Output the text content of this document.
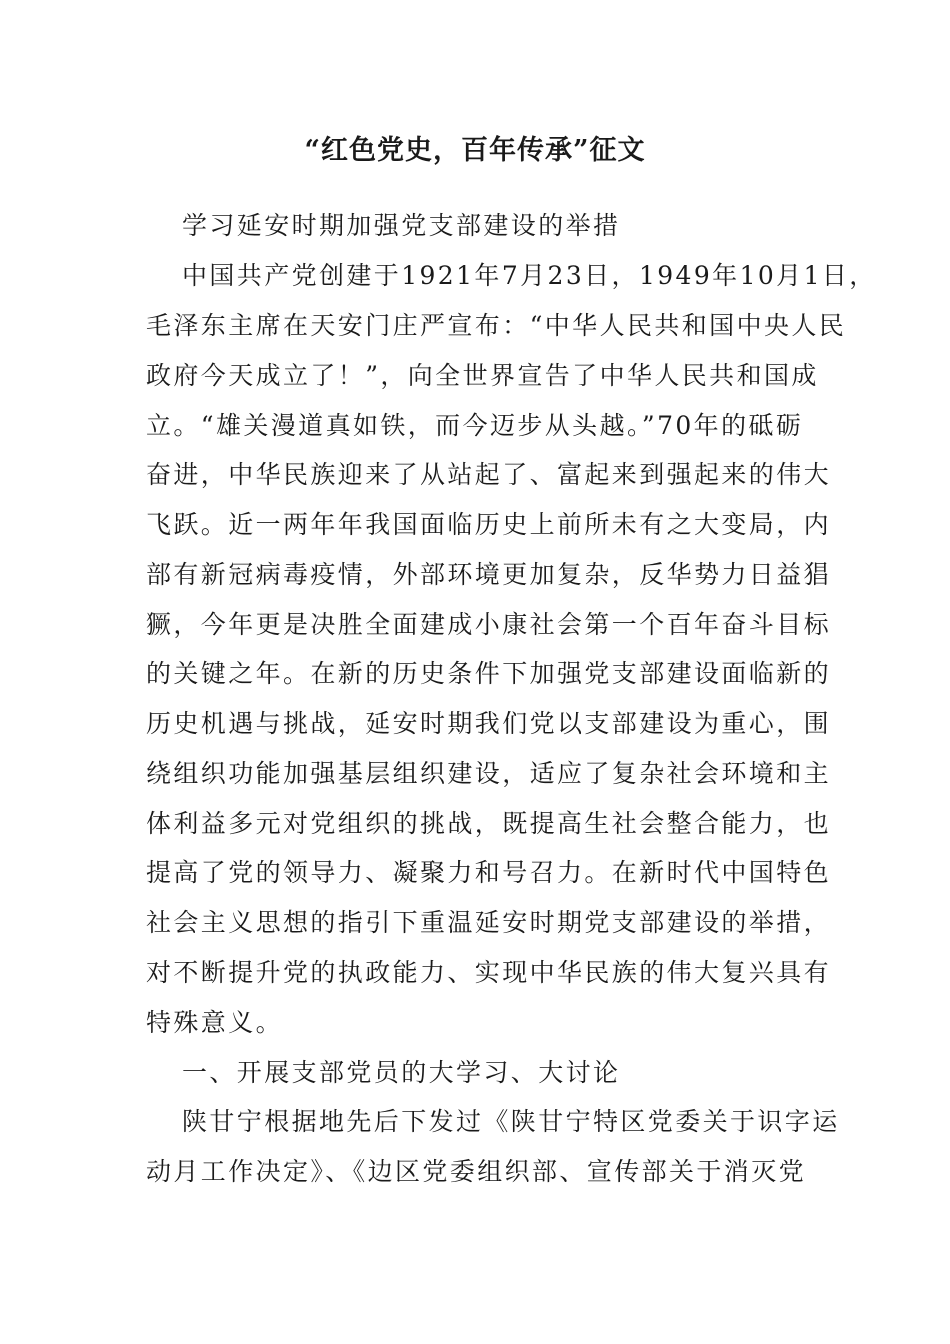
“红色党史，百年传承”征文
学习延安时期加强党支部建设的举措
中国共产党创建于1921年7月23日，1949年10月1日，
毛泽东主席在天安门庄严宣布：“中华人民共和国中央人民
政府今天成立了！”，向全世界宣告了中华人民共和国成
立。“雄关漫道真如铁，而今迈步从头越。”70年的砥砺
奋进，中华民族迎来了从站起了、富起来到强起来的伟大
飞跃。近一两年年我国面临历史上前所未有之大变局，内
部有新冠病毒疫情，外部环境更加复杂，反华势力日益猖
獗，今年更是决胜全面建成小康社会第一个百年奋斗目标
的关键之年。在新的历史条件下加强党支部建设面临新的
历史机遇与挑战，延安时期我们党以支部建设为重心，围
绕组织功能加强基层组织建设，适应了复杂社会环境和主
体利益多元对党组织的挑战，既提高生社会整合能力，也
提高了党的领导力、凝聚力和号召力。在新时代中国特色
社会主义思想的指引下重温延安时期党支部建设的举措，
对不断提升党的执政能力、实现中华民族的伟大复兴具有
特殊意义。
一、开展支部党员的大学习、大讨论
陕甘宁根据地先后下发过《陕甘宁特区党委关于识字运
动月工作决定》、《边区党委组织部、宣传部关于消灭党
